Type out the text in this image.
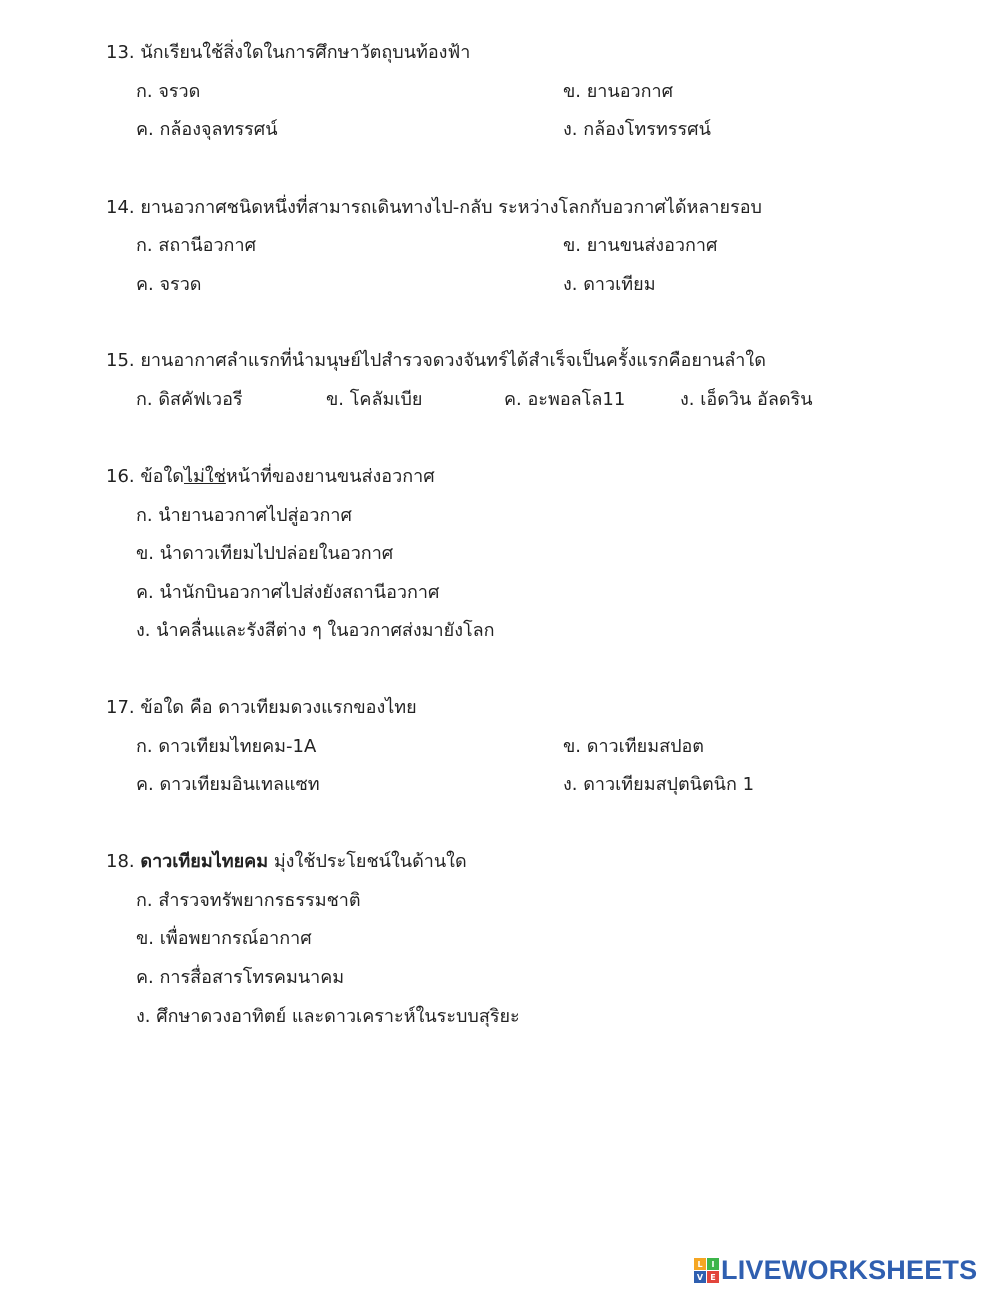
13. นักเรียนใช้สิ่งใดในการศึกษาวัตถุบนท้องฟ้า
ก. จรวด	ข. ยานอวกาศ
ค. กล้องจุลทรรศน์	ง. กล้องโทรทรรศน์
14. ยานอวกาศชนิดหนึ่งที่สามารถเดินทางไป-กลับ ระหว่างโลกกับอวกาศได้หลายรอบ
ก. สถานีอวกาศ	ข. ยานขนส่งอวกาศ
ค. จรวด	ง. ดาวเทียม
15. ยานอากาศลำแรกที่นำมนุษย์ไปสำรวจดวงจันทร์ได้สำเร็จเป็นครั้งแรกคือยานลำใด
ก. ดิสคัฟเวอรี	ข. โคลัมเบีย	ค. อะพอลโล11	ง. เอ็ดวิน อัลดริน
16. ข้อใดไม่ใช่หน้าที่ของยานขนส่งอวกาศ
ก. นำยานอวกาศไปสู่อวกาศ
ข. นำดาวเทียมไปปล่อยในอวกาศ
ค. นำนักบินอวกาศไปส่งยังสถานีอวกาศ
ง. นำคลื่นและรังสีต่าง ๆ ในอวกาศส่งมายังโลก
17. ข้อใด คือ ดาวเทียมดวงแรกของไทย
ก. ดาวเทียมไทยคม-1A	ข. ดาวเทียมสปอต
ค. ดาวเทียมอินเทลแซท	ง. ดาวเทียมสปุตนิตนิก 1
18. ดาวเทียมไทยคม มุ่งใช้ประโยชน์ในด้านใด
ก. สำรวจทรัพยากรธรรมชาติ
ข. เพื่อพยากรณ์อากาศ
ค. การสื่อสารโทรคมนาคม
ง. ศึกษาดวงอาทิตย์ และดาวเคราะห์ในระบบสุริยะ
L	I
V E LIVEWORKSHEETS
